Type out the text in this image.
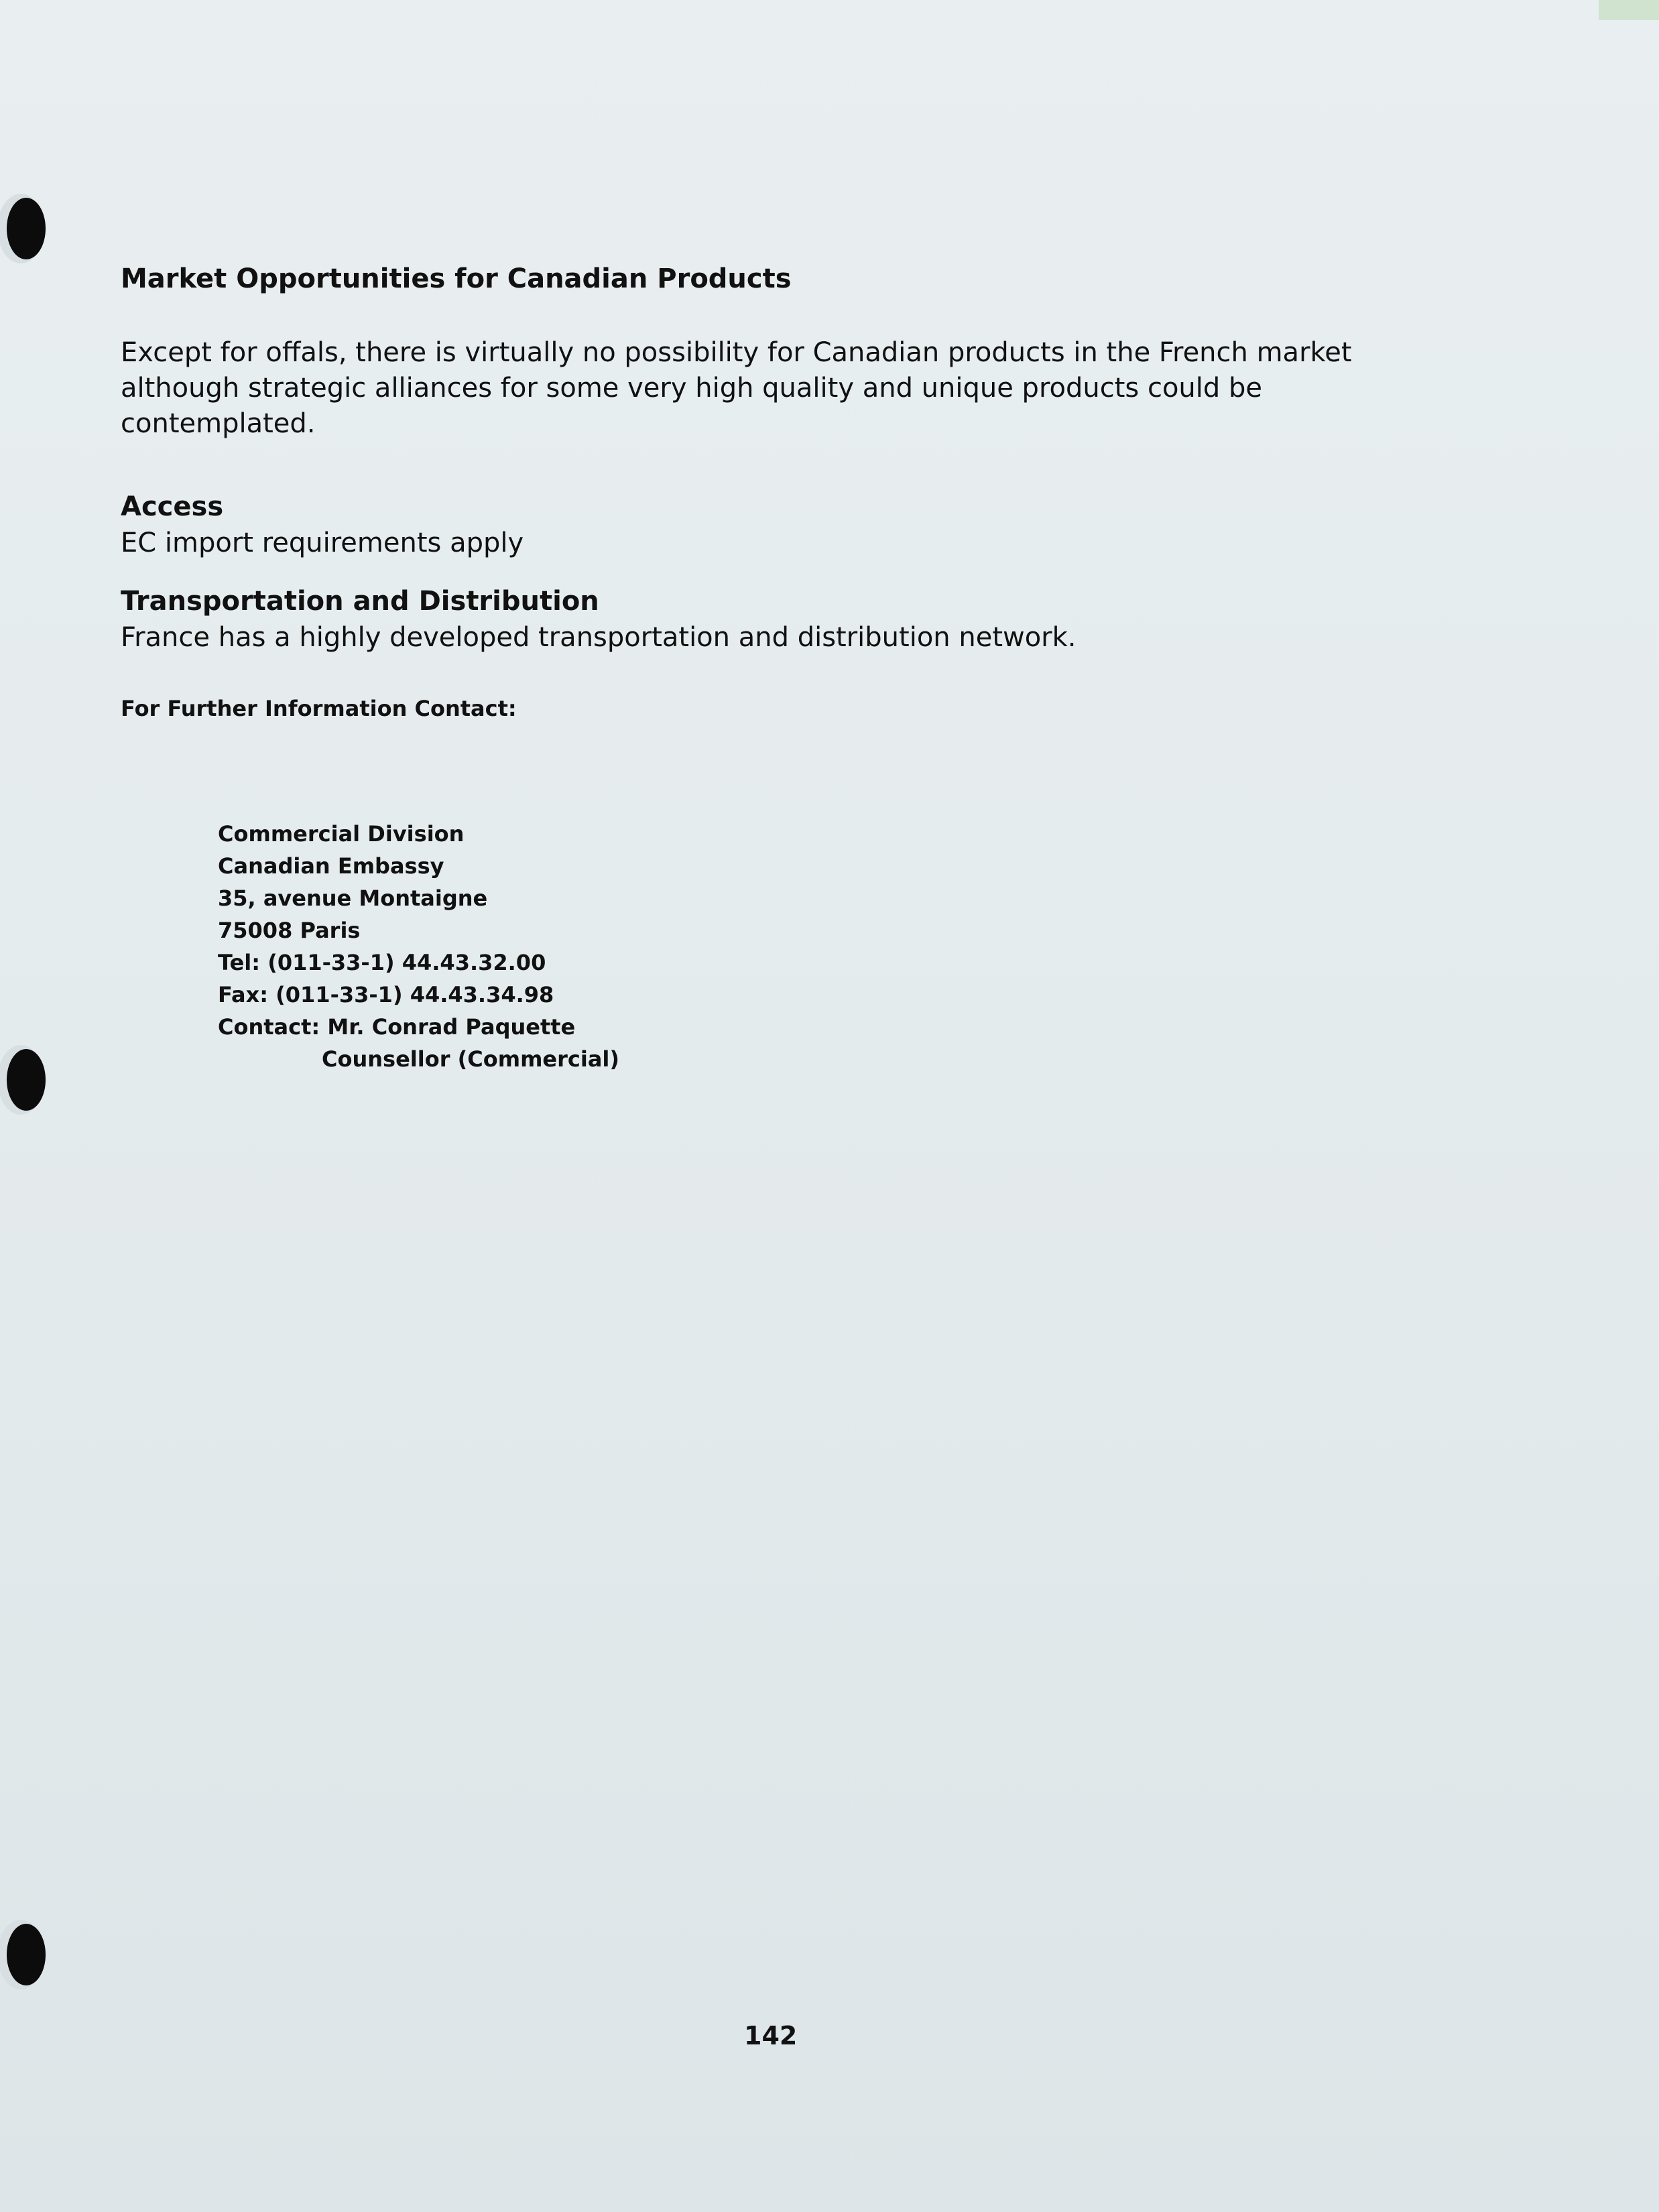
Market Opportunities for Canadian Products

Except for offals, there is virtually no possibility for Canadian products in the French market although strategic alliances for some very high quality and unique products could be contemplated.

Access

EC import requirements apply

Transportation and Distribution

France has a highly developed transportation and distribution network.

For Further Information Contact:

Commercial Division
Canadian Embassy
35, avenue Montaigne
75008 Paris
Tel: (011-33-1) 44.43.32.00
Fax: (011-33-1) 44.43.34.98
Contact: Mr. Conrad Paquette
Counsellor (Commercial)
142
